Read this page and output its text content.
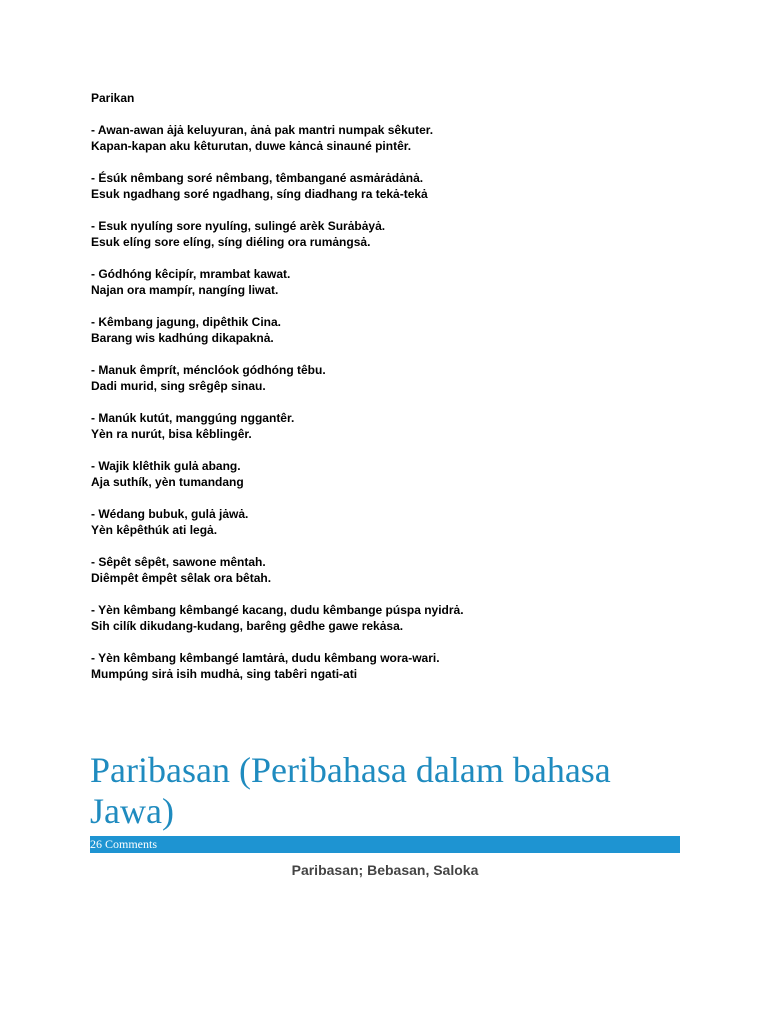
Parikan
- Awan-awan ȧjȧ keluyuran, ȧnȧ pak mantri numpak sêkuter.
Kapan-kapan aku kêturutan, duwe kȧncȧ sinauné pintêr.
- Ésúk nêmbang soré nêmbang, têmbangané asmȧrȧdȧnȧ.
Esuk ngadhang soré ngadhang, síng diadhang ra tekȧ-tekȧ
- Esuk nyulíng sore nyulíng, sulingé arèk Surȧbȧyȧ.
Esuk elíng sore elíng, síng diéling ora rumȧngsȧ.
- Gódhóng kêcipír, mrambat kawat.
Najan ora mampír, nangíng liwat.
- Kêmbang jagung, dipêthik Cina.
Barang wis kadhúng dikapaknȧ.
- Manuk êmprít, ménclóok gódhóng têbu.
Dadi murid, sing srêgêp sinau.
- Manúk kutút, manggúng nggantêr.
Yèn ra nurút, bisa kêblingêr.
- Wajik klêthik gulȧ abang.
Aja suthík, yèn tumandang
- Wédang bubuk, gulȧ jȧwȧ.
Yèn kêpêthúk ati legȧ.
- Sêpêt sêpêt, sawone mêntah.
Diêmpêt êmpêt sêlak ora bêtah.
- Yèn kêmbang kêmbangé kacang, dudu kêmbange púspa nyidrȧ.
Sih cilík dikudang-kudang, barêng gêdhe gawe rekȧsa.
- Yèn kêmbang kêmbangé lamtȧrȧ, dudu kêmbang wora-wari.
Mumpúng sirȧ isih mudhȧ, sing tabêri ngati-ati
Paribasan (Peribahasa dalam bahasa Jawa)
26 Comments
Paribasan; Bebasan, Saloka
